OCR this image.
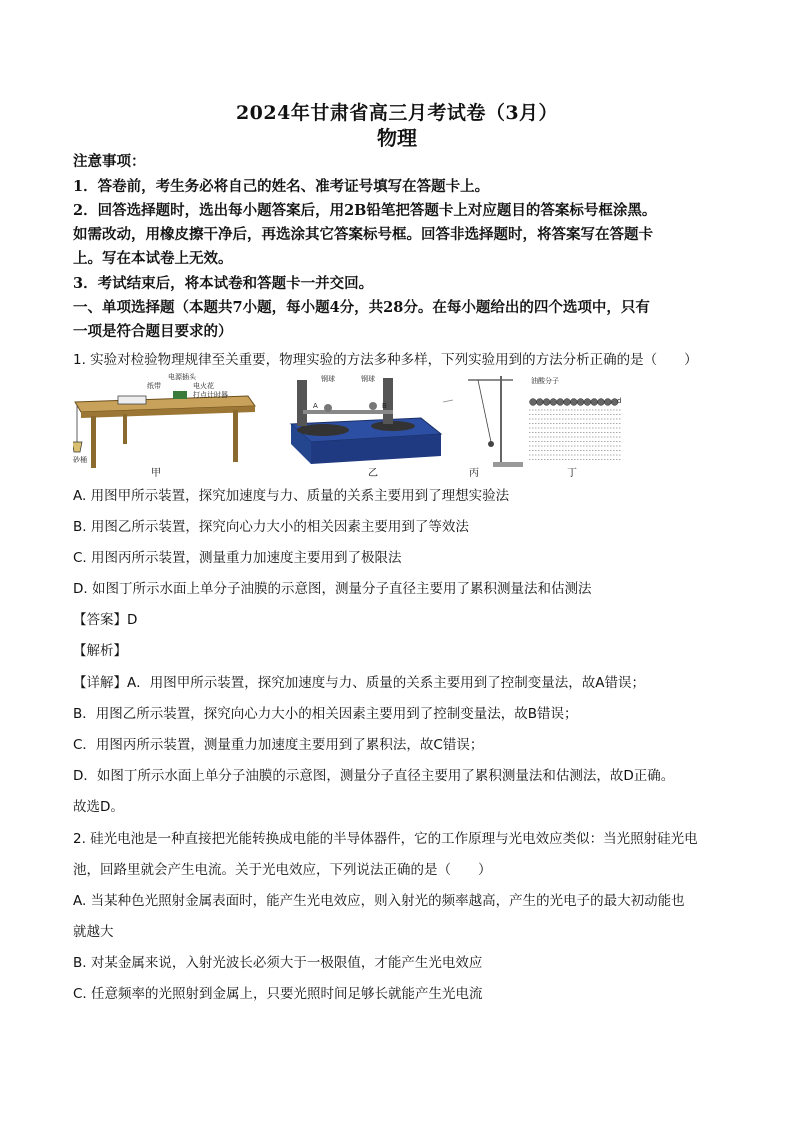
2024年甘肃省高三月考试卷（3月）
物理
注意事项：
1．答卷前，考生务必将自己的姓名、准考证号填写在答题卡上。
2．回答选择题时，选出每小题答案后，用2B铅笔把答题卡上对应题目的答案标号框涂黑。
如需改动，用橡皮擦干净后，再选涂其它答案标号框。回答非选择题时，将答案写在答题卡
上。写在本试卷上无效。
3．考试结束后，将本试卷和答题卡一并交回。
一、单项选择题（本题共7小题，每小题4分，共28分。在每小题给出的四个选项中，只有
一项是符合题目要求的）
1. 实验对检验物理规律至关重要，物理实验的方法多种多样，下列实验用到的方法分析正确的是（　　）
电源插头
纸带	电火花
打点计时器
砂桶
钢球	钢球
A	B
油酸分子
d
甲	乙	丙	丁
A. 用图甲所示装置，探究加速度与力、质量的关系主要用到了理想实验法
B. 用图乙所示装置，探究向心力大小的相关因素主要用到了等效法
C. 用图丙所示装置，测量重力加速度主要用到了极限法
D. 如图丁所示水面上单分子油膜的示意图，测量分子直径主要用了累积测量法和估测法
【答案】D
【解析】
【详解】A．用图甲所示装置，探究加速度与力、质量的关系主要用到了控制变量法，故A错误；
B．用图乙所示装置，探究向心力大小的相关因素主要用到了控制变量法，故B错误；
C．用图丙所示装置，测量重力加速度主要用到了累积法，故C错误；
D．如图丁所示水面上单分子油膜的示意图，测量分子直径主要用了累积测量法和估测法，故D正确。
故选D。
2. 硅光电池是一种直接把光能转换成电能的半导体器件，它的工作原理与光电效应类似：当光照射硅光电
池，回路里就会产生电流。关于光电效应，下列说法正确的是（　　）
A. 当某种色光照射金属表面时，能产生光电效应，则入射光的频率越高，产生的光电子的最大初动能也
就越大
B. 对某金属来说，入射光波长必须大于一极限值，才能产生光电效应
C. 任意频率的光照射到金属上，只要光照时间足够长就能产生光电流
